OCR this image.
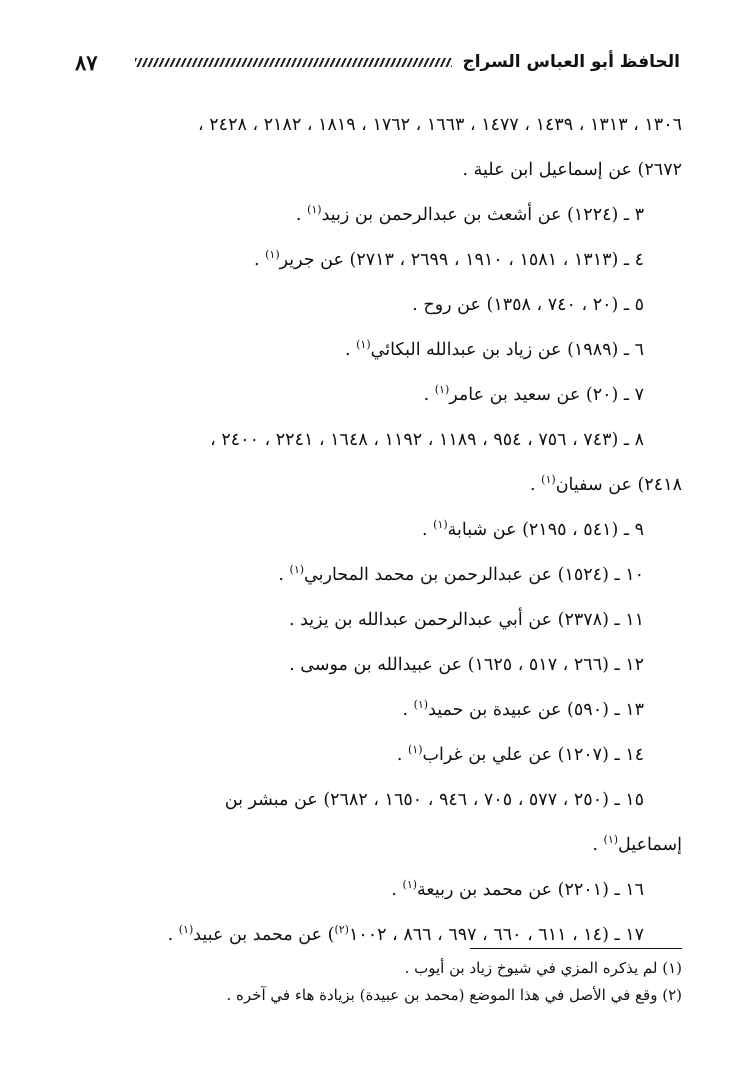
٨٧	الحافظ أبو العباس السراج
١٣٠٦ ، ١٣١٣ ، ١٤٣٩ ، ١٤٧٧ ، ١٦٦٣ ، ١٧٦٢ ، ١٨١٩ ، ٢١٨٢ ، ٢٤٢٨ ،
٢٦٧٢) عن إسماعيل ابن علية .
٣ ـ (١٢٢٤) عن أشعث بن عبدالرحمن بن زبيد$^{(١)}$ .
٤ ـ (١٣١٣ ، ١٥٨١ ، ١٩١٠ ، ٢٦٩٩ ، ٢٧١٣) عن جرير$^{(١)}$ .
٥ ـ (٢٠ ، ٧٤٠ ، ١٣٥٨) عن روح .
٦ ـ (١٩٨٩) عن زياد بن عبدالله البكائي$^{(١)}$ .
٧ ـ (٢٠) عن سعيد بن عامر$^{(١)}$ .
٨ ـ (٧٤٣ ، ٧٥٦ ، ٩٥٤ ، ١١٨٩ ، ١١٩٢ ، ١٦٤٨ ، ٢٢٤١ ، ٢٤٠٠ ،
٢٤١٨) عن سفيان$^{(١)}$ .
٩ ـ (٥٤١ ، ٢١٩٥) عن شبابة$^{(١)}$ .
١٠ ـ (١٥٢٤) عن عبدالرحمن بن محمد المحاربي$^{(١)}$ .
١١ ـ (٢٣٧٨) عن أبي عبدالرحمن عبدالله بن يزيد .
١٢ ـ (٢٦٦ ، ٥١٧ ، ١٦٢٥) عن عبيدالله بن موسى .
١٣ ـ (٥٩٠) عن عبيدة بن حميد$^{(١)}$ .
١٤ ـ (١٢٠٧) عن علي بن غراب$^{(١)}$ .
١٥ ـ (٢٥٠ ، ٥٧٧ ، ٧٠٥ ، ٩٤٦ ، ١٦٥٠ ، ٢٦٨٢) عن مبشر بن
إسماعيل$^{(١)}$ .
١٦ ـ (٢٢٠١) عن محمد بن ربيعة$^{(١)}$ .
١٧ ـ (١٤ ، ٦١١ ، ٦٦٠ ، ٦٩٧ ، ٨٦٦ ، ١٠٠٢$^{(٢)}$) عن محمد بن عبيد$^{(١)}$ .
(١) لم يذكره المزي في شيوخ زياد بن أيوب .
(٢) وقع في الأصل في هذا الموضع (محمد بن عبيدة) بزيادة هاء في آخره .
